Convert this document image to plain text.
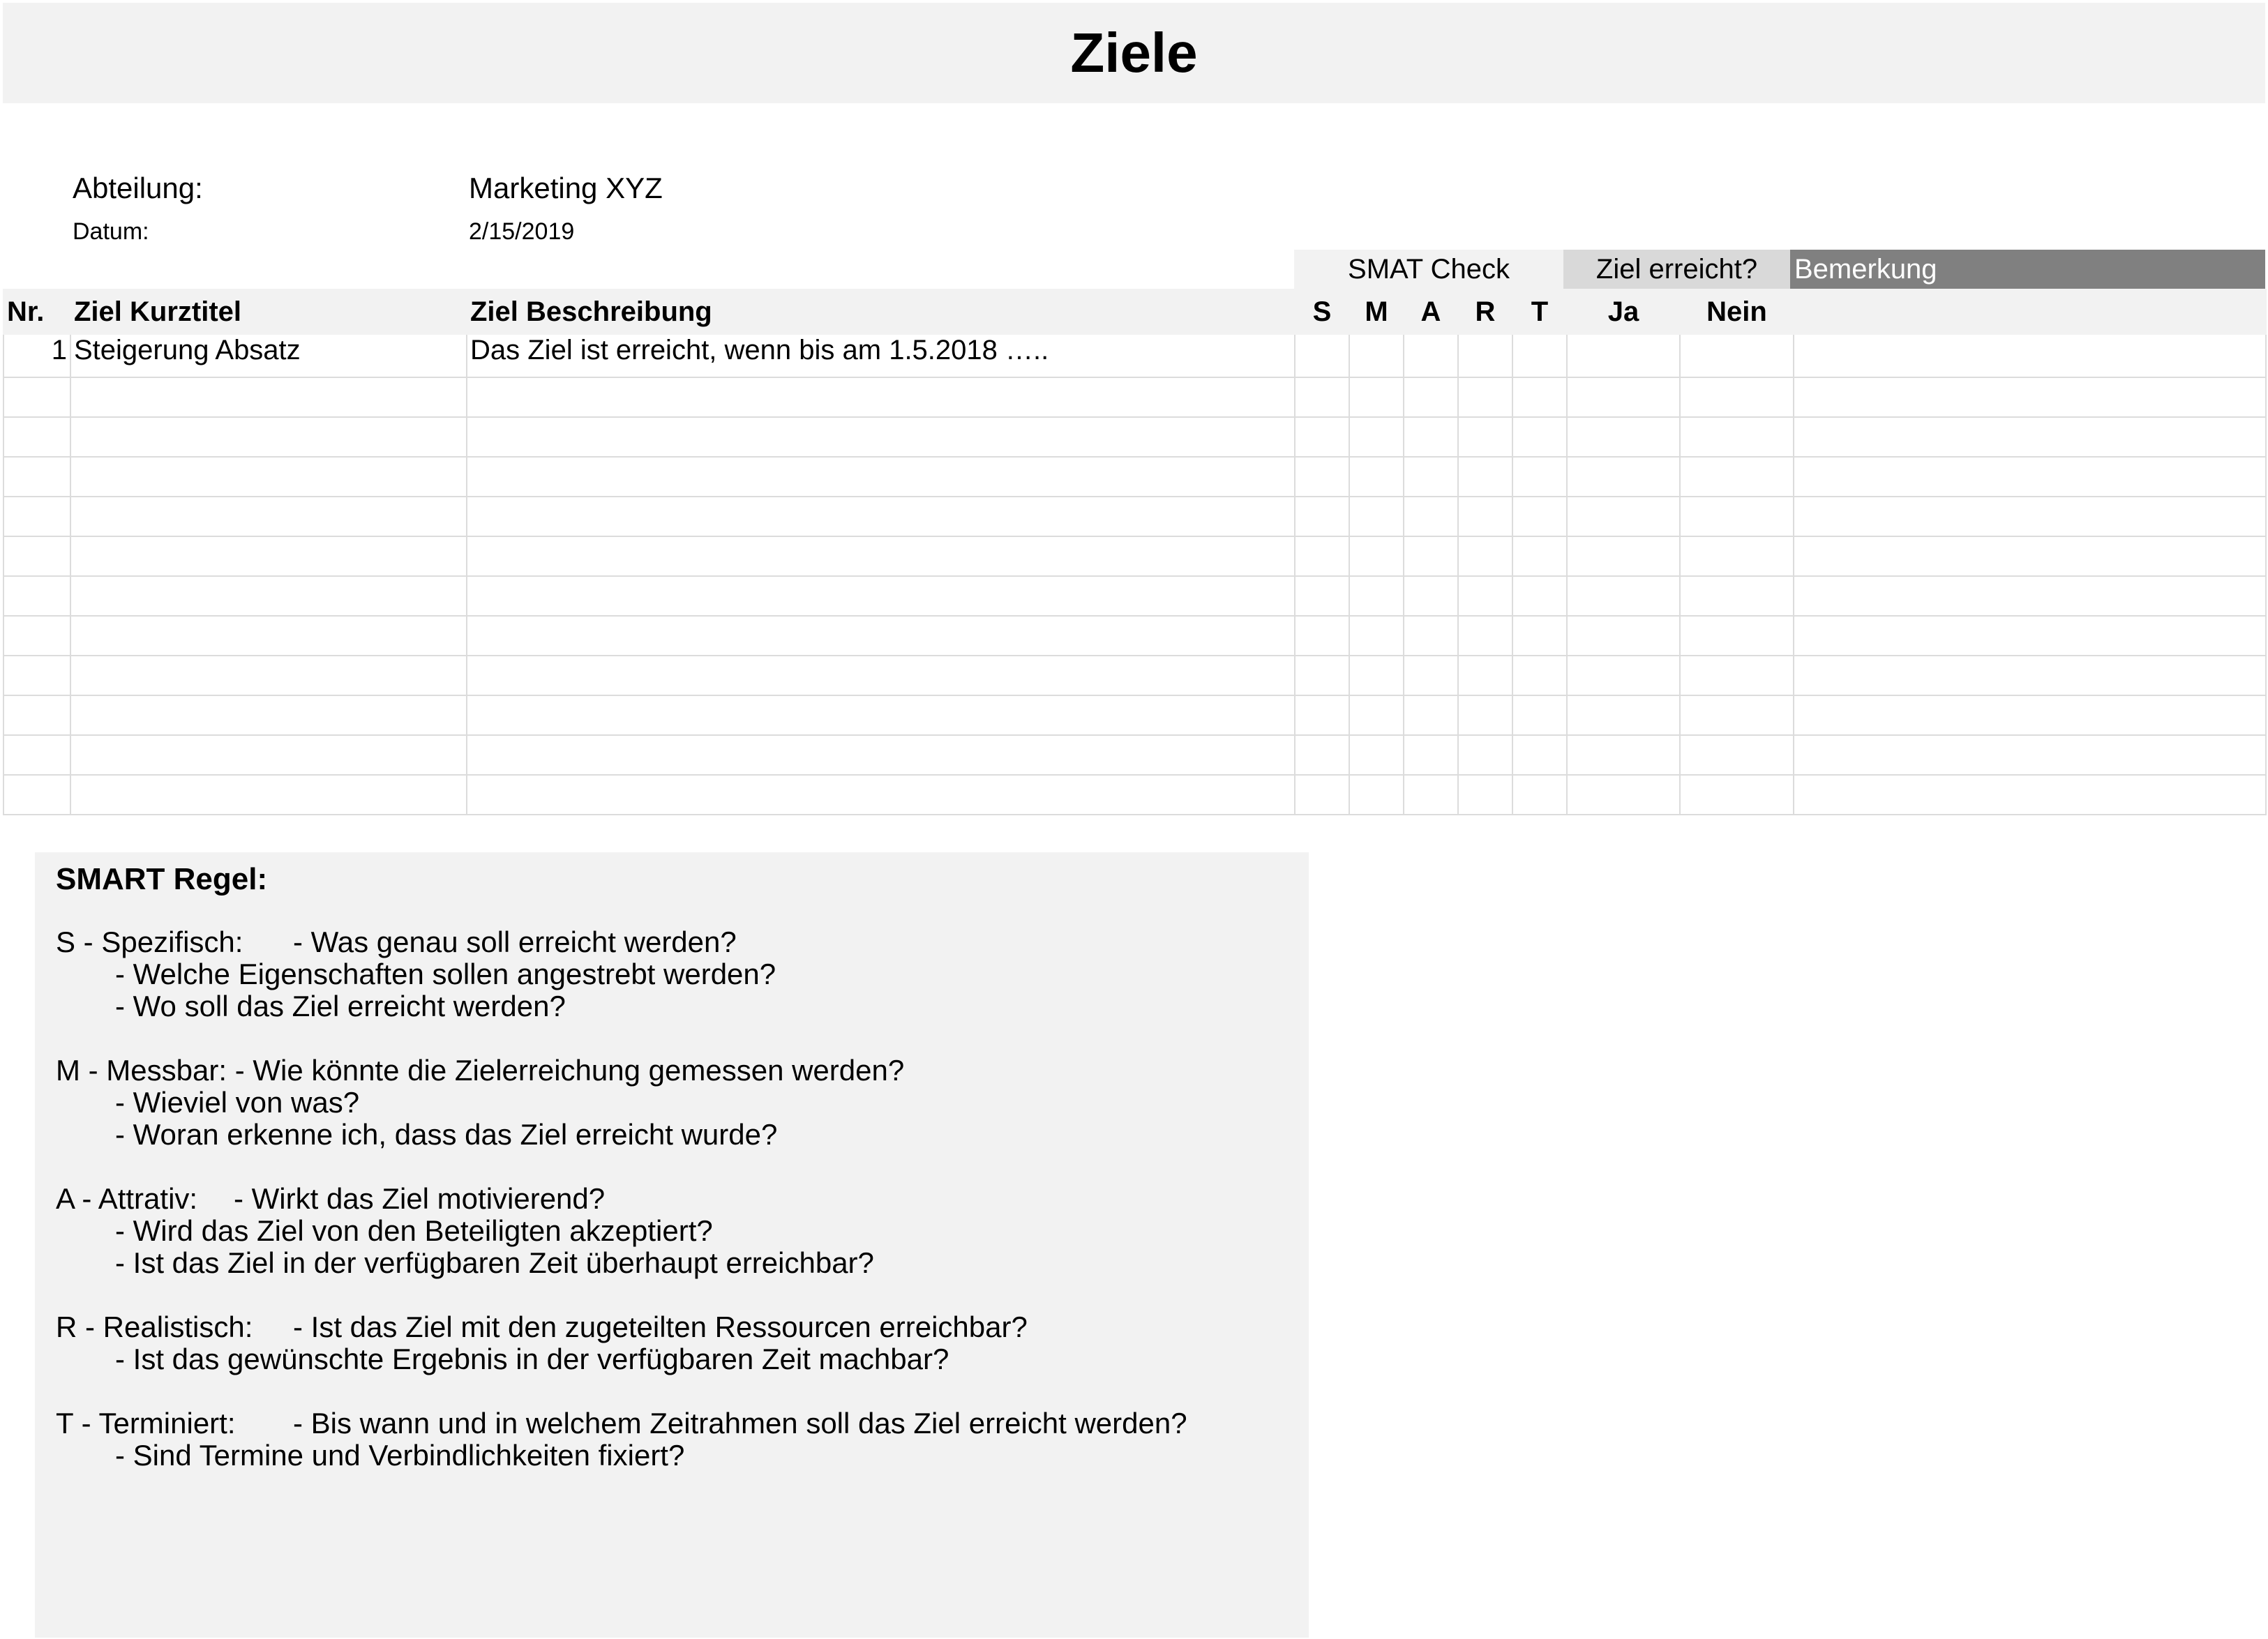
Ziele
Abteilung:	Marketing XYZ
Datum:	2/15/2019
SMAT Check	Ziel erreicht?	Bemerkung
Nr.	Ziel Kurztitel	Ziel Beschreibung	S	M	A	R	T	Ja	Nein	
1	Steigerung Absatz	Das Ziel ist erreicht, wenn bis am 1.5.2018 …..								

SMART Regel:
S - Spezifisch: - Was genau soll erreicht werden?
- Welche Eigenschaften sollen angestrebt werden?
- Wo soll das Ziel erreicht werden?
M - Messbar: - Wie könnte die Zielerreichung gemessen werden?
- Wieviel von was?
- Woran erkenne ich, dass das Ziel erreicht wurde?
A - Attrativ: - Wirkt das Ziel motivierend?
- Wird das Ziel von den Beteiligten akzeptiert?
- Ist das Ziel in der verfügbaren Zeit überhaupt erreichbar?
R - Realistisch: - Ist das Ziel mit den zugeteilten Ressourcen erreichbar?
- Ist das gewünschte Ergebnis in der verfügbaren Zeit machbar?
T - Terminiert: - Bis wann und in welchem Zeitrahmen soll das Ziel erreicht werden?
- Sind Termine und Verbindlichkeiten fixiert?
